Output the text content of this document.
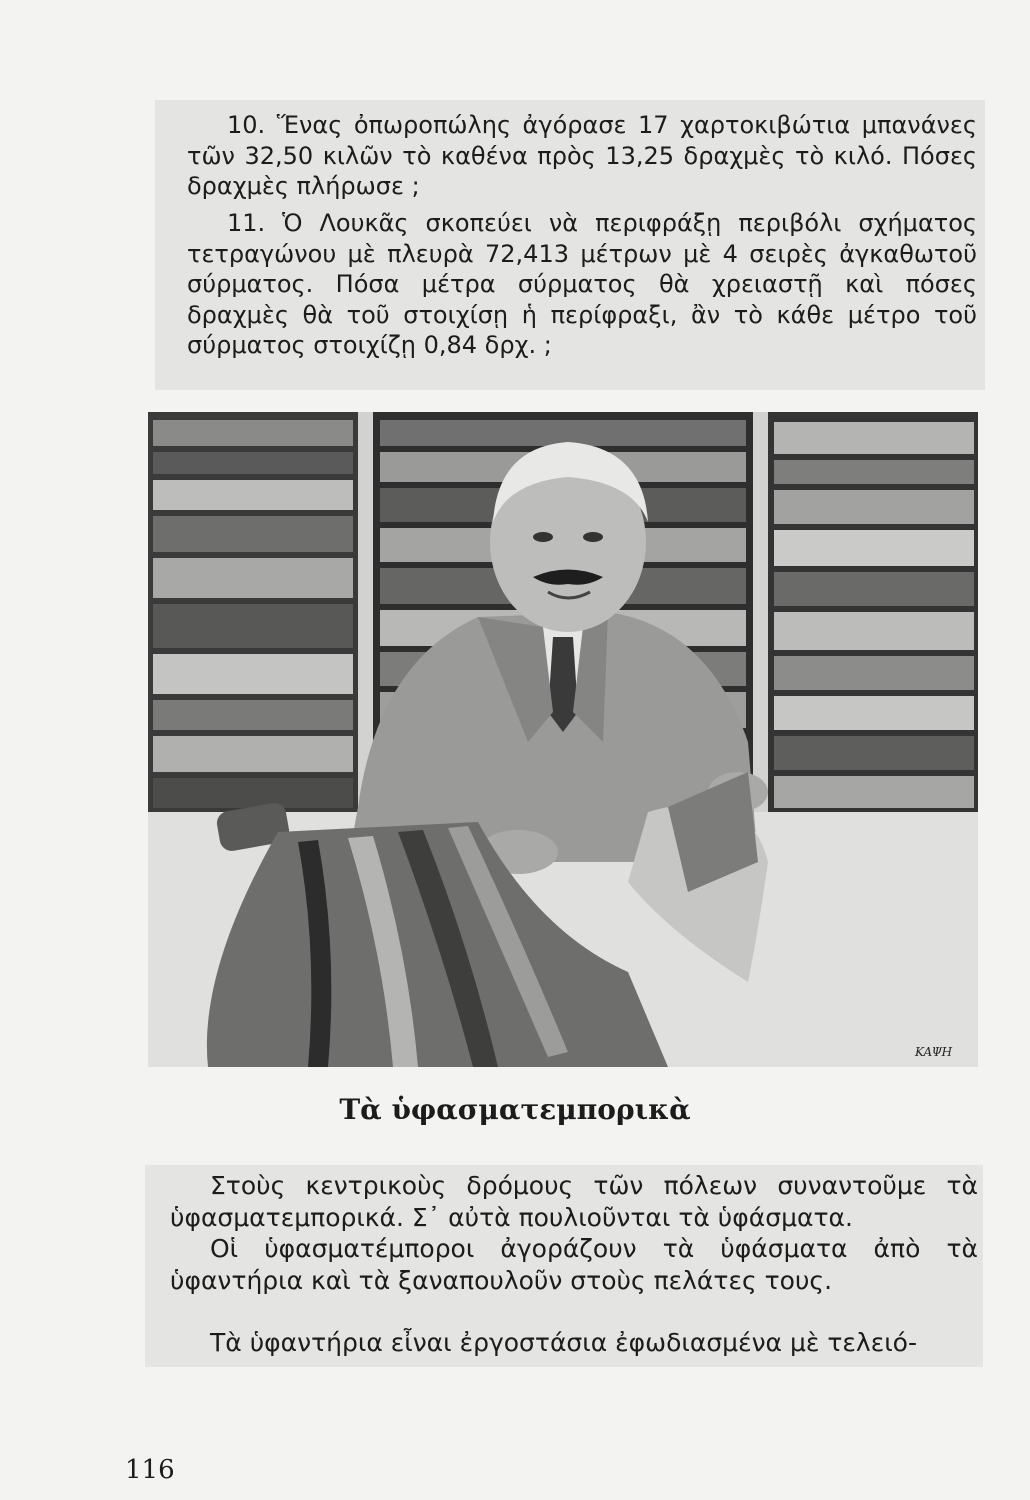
10. Ἕνας ὀπωροπώλης ἀγόρασε 17 χαρτοκιβώτια μπανάνες τῶν 32,50 κιλῶν τὸ καθένα πρὸς 13,25 δραχμὲς τὸ κιλό. Πόσες δραχμὲς πλήρωσε ;

11. Ὁ Λουκᾶς σκοπεύει νὰ περιφράξῃ περιβόλι σχήματος τετραγώνου μὲ πλευρὰ 72,413 μέτρων μὲ 4 σειρὲς ἀγκαθωτοῦ σύρματος. Πόσα μέτρα σύρματος θὰ χρειαστῇ καὶ πόσες δραχμὲς θὰ τοῦ στοιχίσῃ ἡ περίφραξι, ἂν τὸ κάθε μέτρο τοῦ σύρματος στοιχίζῃ 0,84 δρχ. ;

ΚΑΨΗ
Τὰ ὑφασματεμπορικὰ

Στοὺς κεντρικοὺς δρόμους τῶν πόλεων συναντοῦμε τὰ ὑφασματεμπορικά. Σ᾽ αὐτὰ πουλιοῦνται τὰ ὑφάσματα.

Οἱ ὑφασματέμποροι ἀγοράζουν τὰ ὑφάσματα ἀπὸ τὰ ὑφαντήρια καὶ τὰ ξαναπουλοῦν στοὺς πελάτες τους.

Τὰ ὑφαντήρια εἶναι ἐργοστάσια ἐφωδιασμένα μὲ τελειό-

116
